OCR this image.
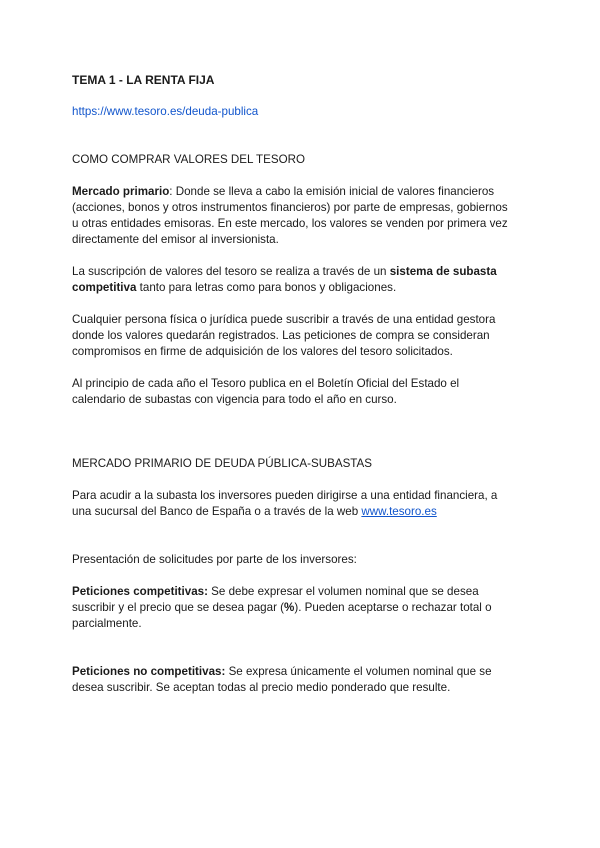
TEMA 1 - LA RENTA FIJA
https://www.tesoro.es/deuda-publica
COMO COMPRAR VALORES DEL TESORO
Mercado primario: Donde se lleva a cabo la emisión inicial de valores financieros
(acciones, bonos y otros instrumentos financieros) por parte de empresas, gobiernos
u otras entidades emisoras. En este mercado, los valores se venden por primera vez
directamente del emisor al inversionista.
La suscripción de valores del tesoro se realiza a través de un sistema de subasta
competitiva tanto para letras como para bonos y obligaciones.
Cualquier persona física o jurídica puede suscribir a través de una entidad gestora
donde los valores quedarán registrados. Las peticiones de compra se consideran
compromisos en firme de adquisición de los valores del tesoro solicitados.
Al principio de cada año el Tesoro publica en el Boletín Oficial del Estado el
calendario de subastas con vigencia para todo el año en curso.
MERCADO PRIMARIO DE DEUDA PÚBLICA-SUBASTAS
Para acudir a la subasta los inversores pueden dirigirse a una entidad financiera, a
una sucursal del Banco de España o a través de la web www.tesoro.es
Presentación de solicitudes por parte de los inversores:
Peticiones competitivas: Se debe expresar el volumen nominal que se desea
suscribir y el precio que se desea pagar (%). Pueden aceptarse o rechazar total o
parcialmente.
Peticiones no competitivas: Se expresa únicamente el volumen nominal que se
desea suscribir. Se aceptan todas al precio medio ponderado que resulte.
